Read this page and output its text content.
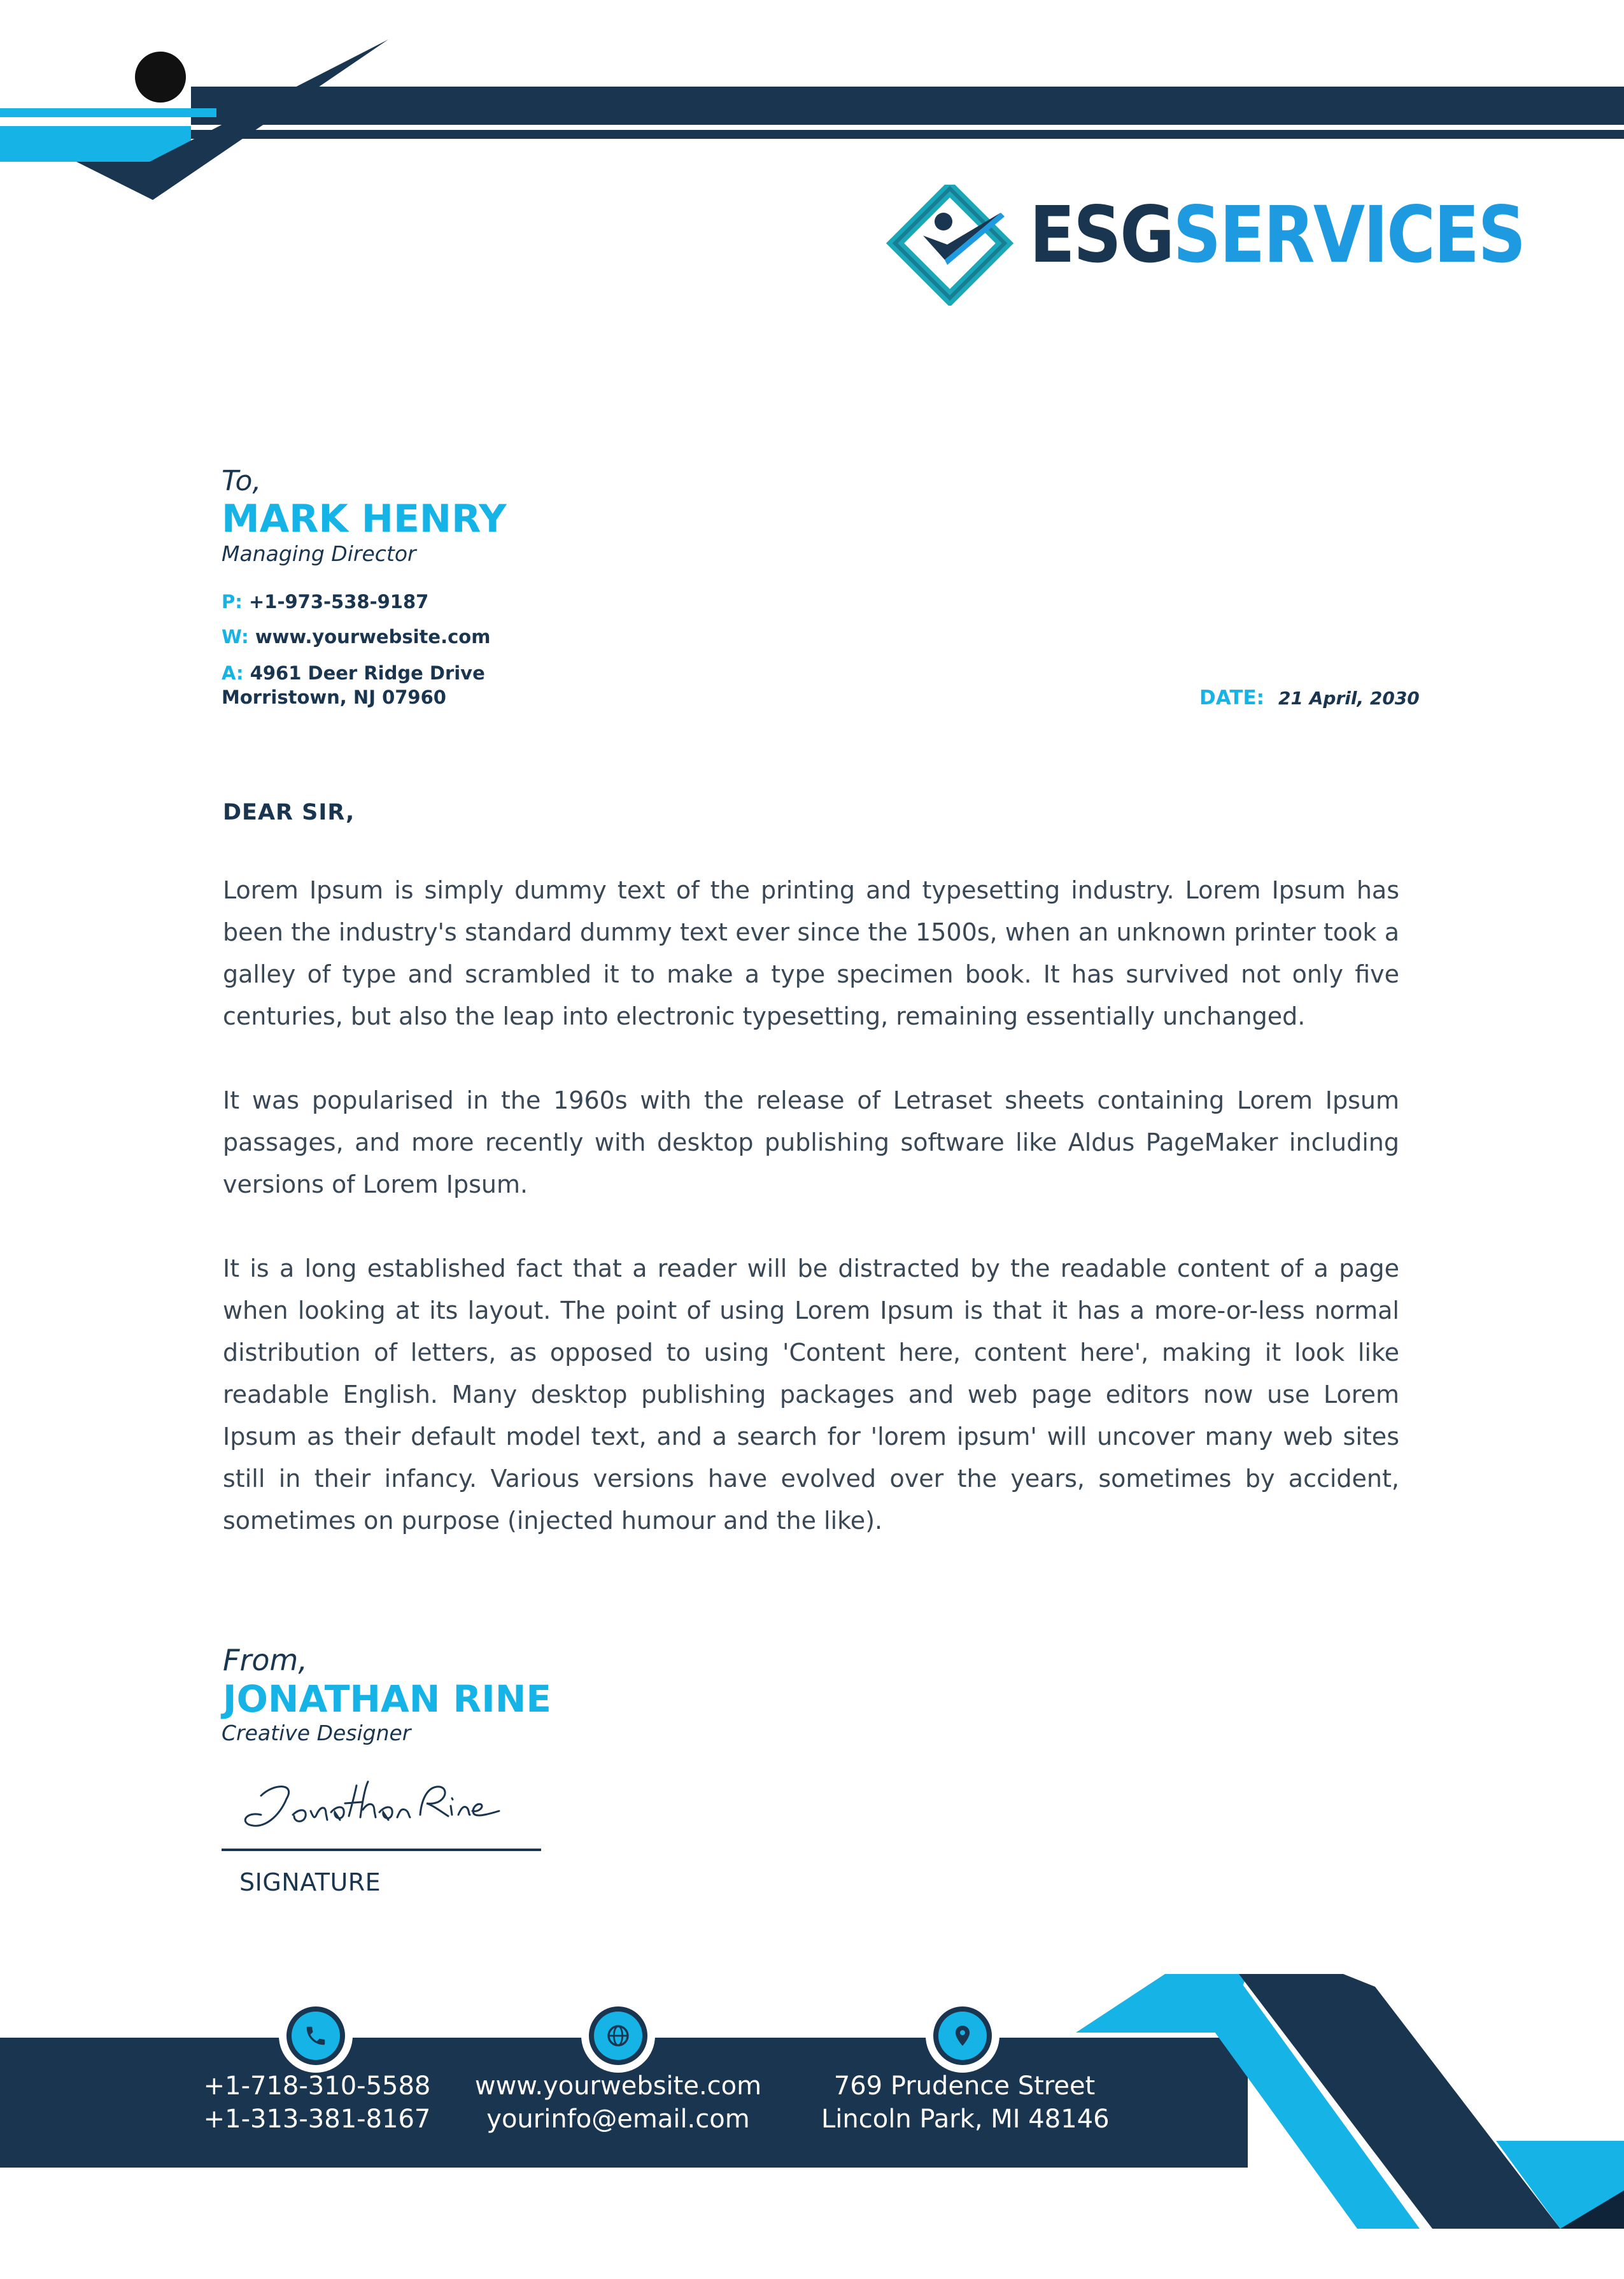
ESGSERVICES
To,
MARK HENRY
Managing Director
P: +1-973-538-9187
W: www.yourwebsite.com
A: 4961 Deer Ridge Drive
Morristown, NJ 07960	DATE: 21 April, 2030
DEAR SIR,

Lorem Ipsum is simply dummy text of the printing and typesetting industry. Lorem Ipsum has been the industry's standard dummy text ever since the 1500s, when an unknown printer took a galley of type and scrambled it to make a type specimen book. It has survived not only five centuries, but also the leap into electronic typesetting, remaining essentially unchanged.

It was popularised in the 1960s with the release of Letraset sheets containing Lorem Ipsum passages, and more recently with desktop publishing software like Aldus PageMaker including versions of Lorem Ipsum.

It is a long established fact that a reader will be distracted by the readable content of a page when looking at its layout. The point of using Lorem Ipsum is that it has a more-or-less normal distribution of letters, as opposed to using 'Content here, content here', making it look like readable English. Many desktop publishing packages and web page editors now use Lorem Ipsum as their default model text, and a search for 'lorem ipsum' will uncover many web sites still in their infancy. Various versions have evolved over the years, sometimes by accident, sometimes on purpose (injected humour and the like).

From,
JONATHAN RINE
Creative Designer
SIGNATURE
+1-718-310-5588
+1-313-381-8167
www.yourwebsite.com
yourinfo@email.com
769 Prudence Street
Lincoln Park, MI 48146
